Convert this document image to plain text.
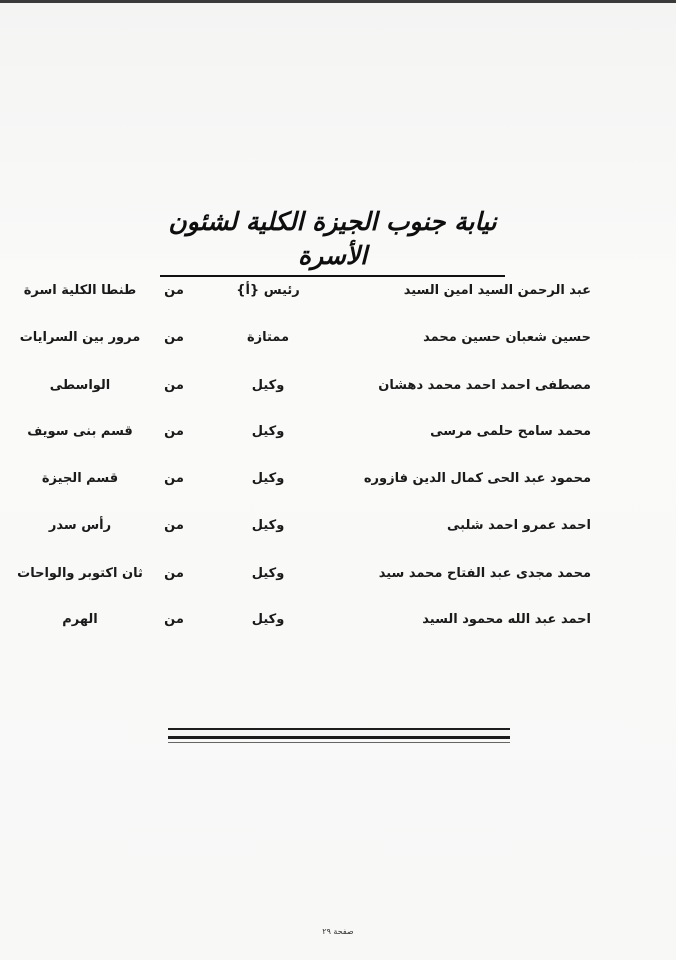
نيابة جنوب الجيزة الكلية لشئون الأسرة
عبد الرحمن السيد امين السيد
رئيس {أ}
من
طنطا الكلية اسرة
حسين شعبان حسين محمد
ممتازة
من
مرور بين السرايات
مصطفى احمد احمد محمد دهشان
وكيل
من
الواسطى
محمد سامح حلمى مرسى
وكيل
من
قسم بنى سويف
محمود عبد الحى كمال الدين فازوره
وكيل
من
قسم الجيزة
احمد عمرو احمد شلبى
وكيل
من
رأس سدر
محمد مجدى عبد الفتاح محمد سيد
وكيل
من
ثان اكتوبر والواحات
احمد عبد الله محمود السيد
وكيل
من
الهرم
صفحة ٢٩
